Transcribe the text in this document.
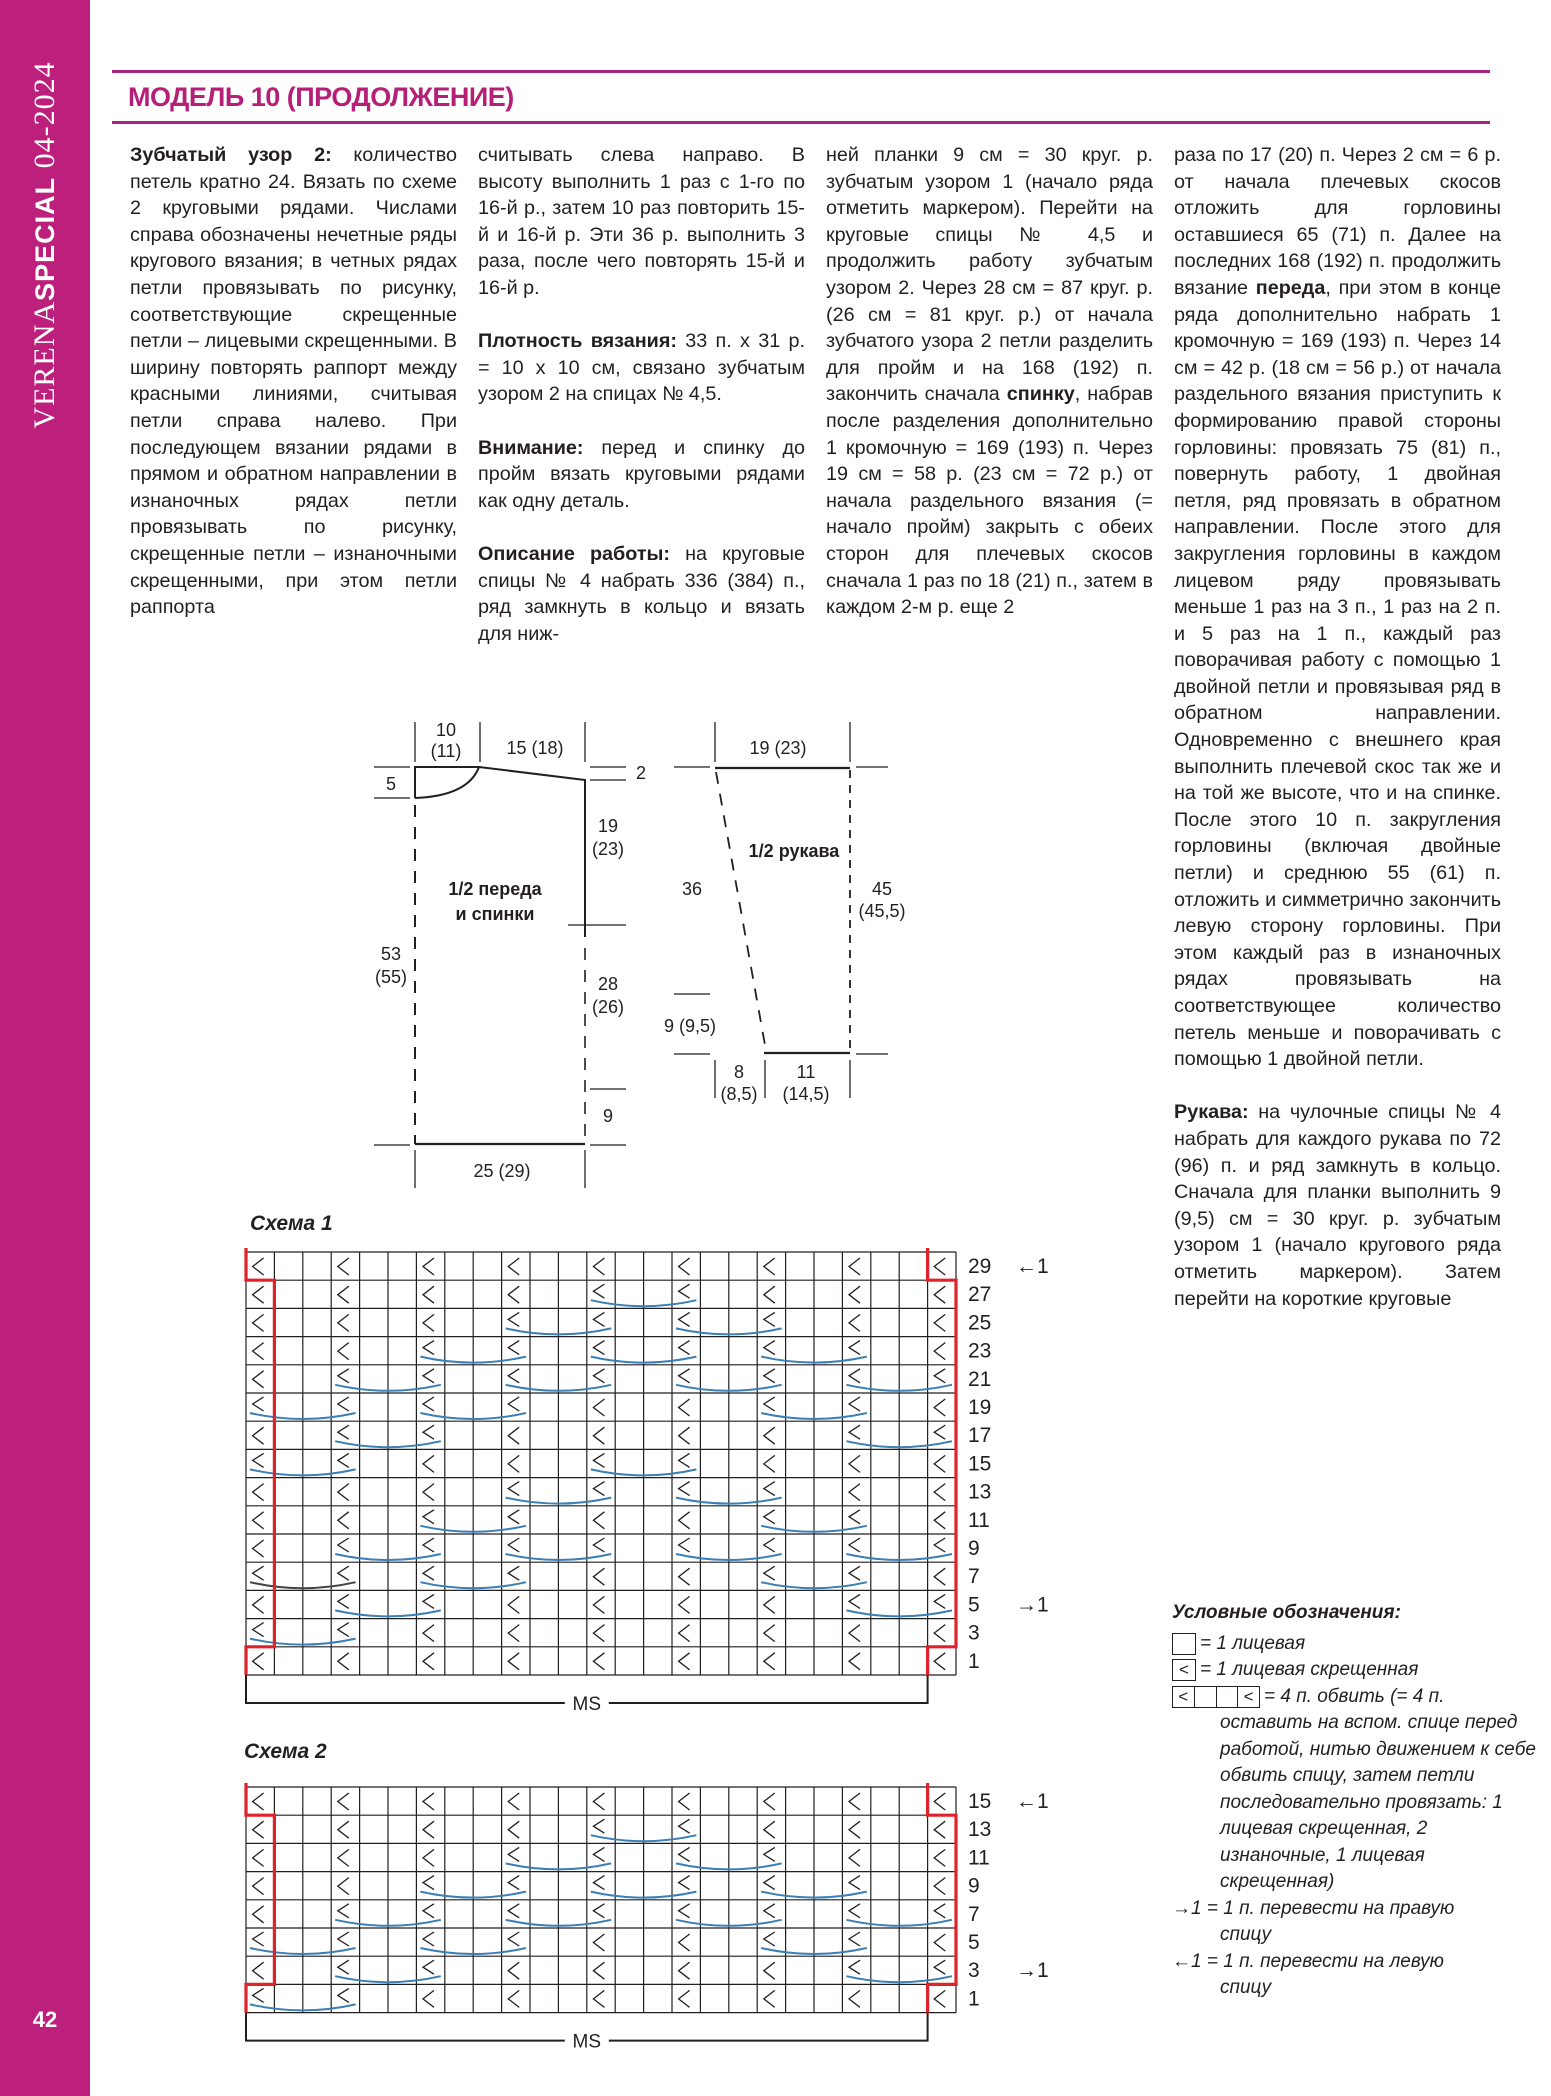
VERENASPECIAL 04-2024
42
МОДЕЛЬ 10 (ПРОДОЛЖЕНИЕ)

Зубчатый узор 2: количество петель кратно 24. Вязать по схеме 2 круговыми рядами. Числами справа обозначены нечетные ряды кругового вязания; в четных рядах петли провязывать по рисунку, соответствующие скрещенные петли – лицевыми скрещенными. В ширину повторять раппорт между красными линиями, считывая петли справа налево. При последующем вязании рядами в прямом и обратном направлении в изнаночных рядах петли провязывать по рисунку, скрещенные петли – изнаночными скрещенными, при этом петли раппорта

считывать слева направо. В высоту выполнить 1 раз с 1-го по 16-й р., затем 10 раз повторить 15-й и 16-й р. Эти 36 р. выполнить 3 раза, после чего повторять 15-й и 16-й р.

Плотность вязания: 33 п. х 31 р. = 10 х 10 см, связано зубчатым узором 2 на спицах № 4,5.

Внимание: перед и спинку до пройм вязать круговыми рядами как одну деталь.

Описание работы: на круговые спицы № 4 набрать 336 (384) п., ряд замкнуть в кольцо и вязать для ниж-

ней планки 9 см = 30 круг. р. зубчатым узором 1 (начало ряда отметить маркером). Перейти на круговые спицы № 4,5 и продолжить работу зубчатым узором 2. Через 28 см = 87 круг. р. (26 см = 81 круг. р.) от начала зубчатого узора 2 петли разделить для пройм и на 168 (192) п. закончить сначала спинку, набрав после разделения дополнительно 1 кромочную = 169 (193) п. Через 19 см = 58 р. (23 см = 72 р.) от начала раздельного вязания (= начало пройм) закрыть с обеих сторон для плечевых скосов сначала 1 раз по 18 (21) п., затем в каждом 2-м р. еще 2

раза по 17 (20) п. Через 2 см = 6 р. от начала плечевых скосов отложить для горловины оставшиеся 65 (71) п. Далее на последних 168 (192) п. продолжить вязание переда, при этом в конце ряда дополнительно набрать 1 кромочную = 169 (193) п. Через 14 см = 42 р. (18 см = 56 р.) от начала раздельного вязания приступить к формированию правой стороны горловины: провязать 75 (81) п., повернуть работу, 1 двойная петля, ряд провязать в обратном направлении. После этого для закругления горловины в каждом лицевом ряду провязывать меньше 1 раз на 3 п., 1 раз на 2 п. и 5 раз на 1 п., каждый раз поворачивая работу с помощью 1 двойной петли и провязывая ряд в обратном направлении. Одновременно с внешнего края выполнить плечевой скос так же и на той же высоте, что и на спинке. После этого 10 п. закругления горловины (включая двойные петли) и среднюю 55 (61) п. отложить и симметрично закончить левую сторону горловины. При этом каждый раз в изнаночных рядах провязывать на соответствующее количество петель меньше и поворачивать с помощью 1 двойной петли.

Рукава: на чулочные спицы № 4 набрать для каждого рукава по 72 (96) п. и ряд замкнуть в кольцо. Сначала для планки выполнить 9 (9,5) см = 30 круг. р. зубчатым узором 1 (начало кругового ряда отметить маркером). Затем перейти на короткие круговые

10
(11)	15 (18)
5
2
19
(23)
1/2 переда
и спинки
53
(55)	28
(26)
9
25 (29)
19 (23)
1/2 рукава
36	45
(45,5)
9 (9,5)
8
(8,5)
11
(14,5)
Схема 1
29 ←1
27
25
23
21
19
17
15
13
11
9
7
5 →1
3
1
MS
Схема 2
15 ←1
13
11
9
7
5
3 →1
1
MS
Условные обозначения:
= 1 лицевая
< = 1 лицевая скрещенная
<	< = 4 п. обвить (= 4 п.
оставить на вспом. спице перед работой, нитью движением к себе обвить спицу, затем петли последовательно провязать: 1 лицевая скрещенная, 2 изнаночные, 1 лицевая скрещенная)
→1 = 1 п. перевести на правую
спицу
←1 = 1 п. перевести на левую
спицу
